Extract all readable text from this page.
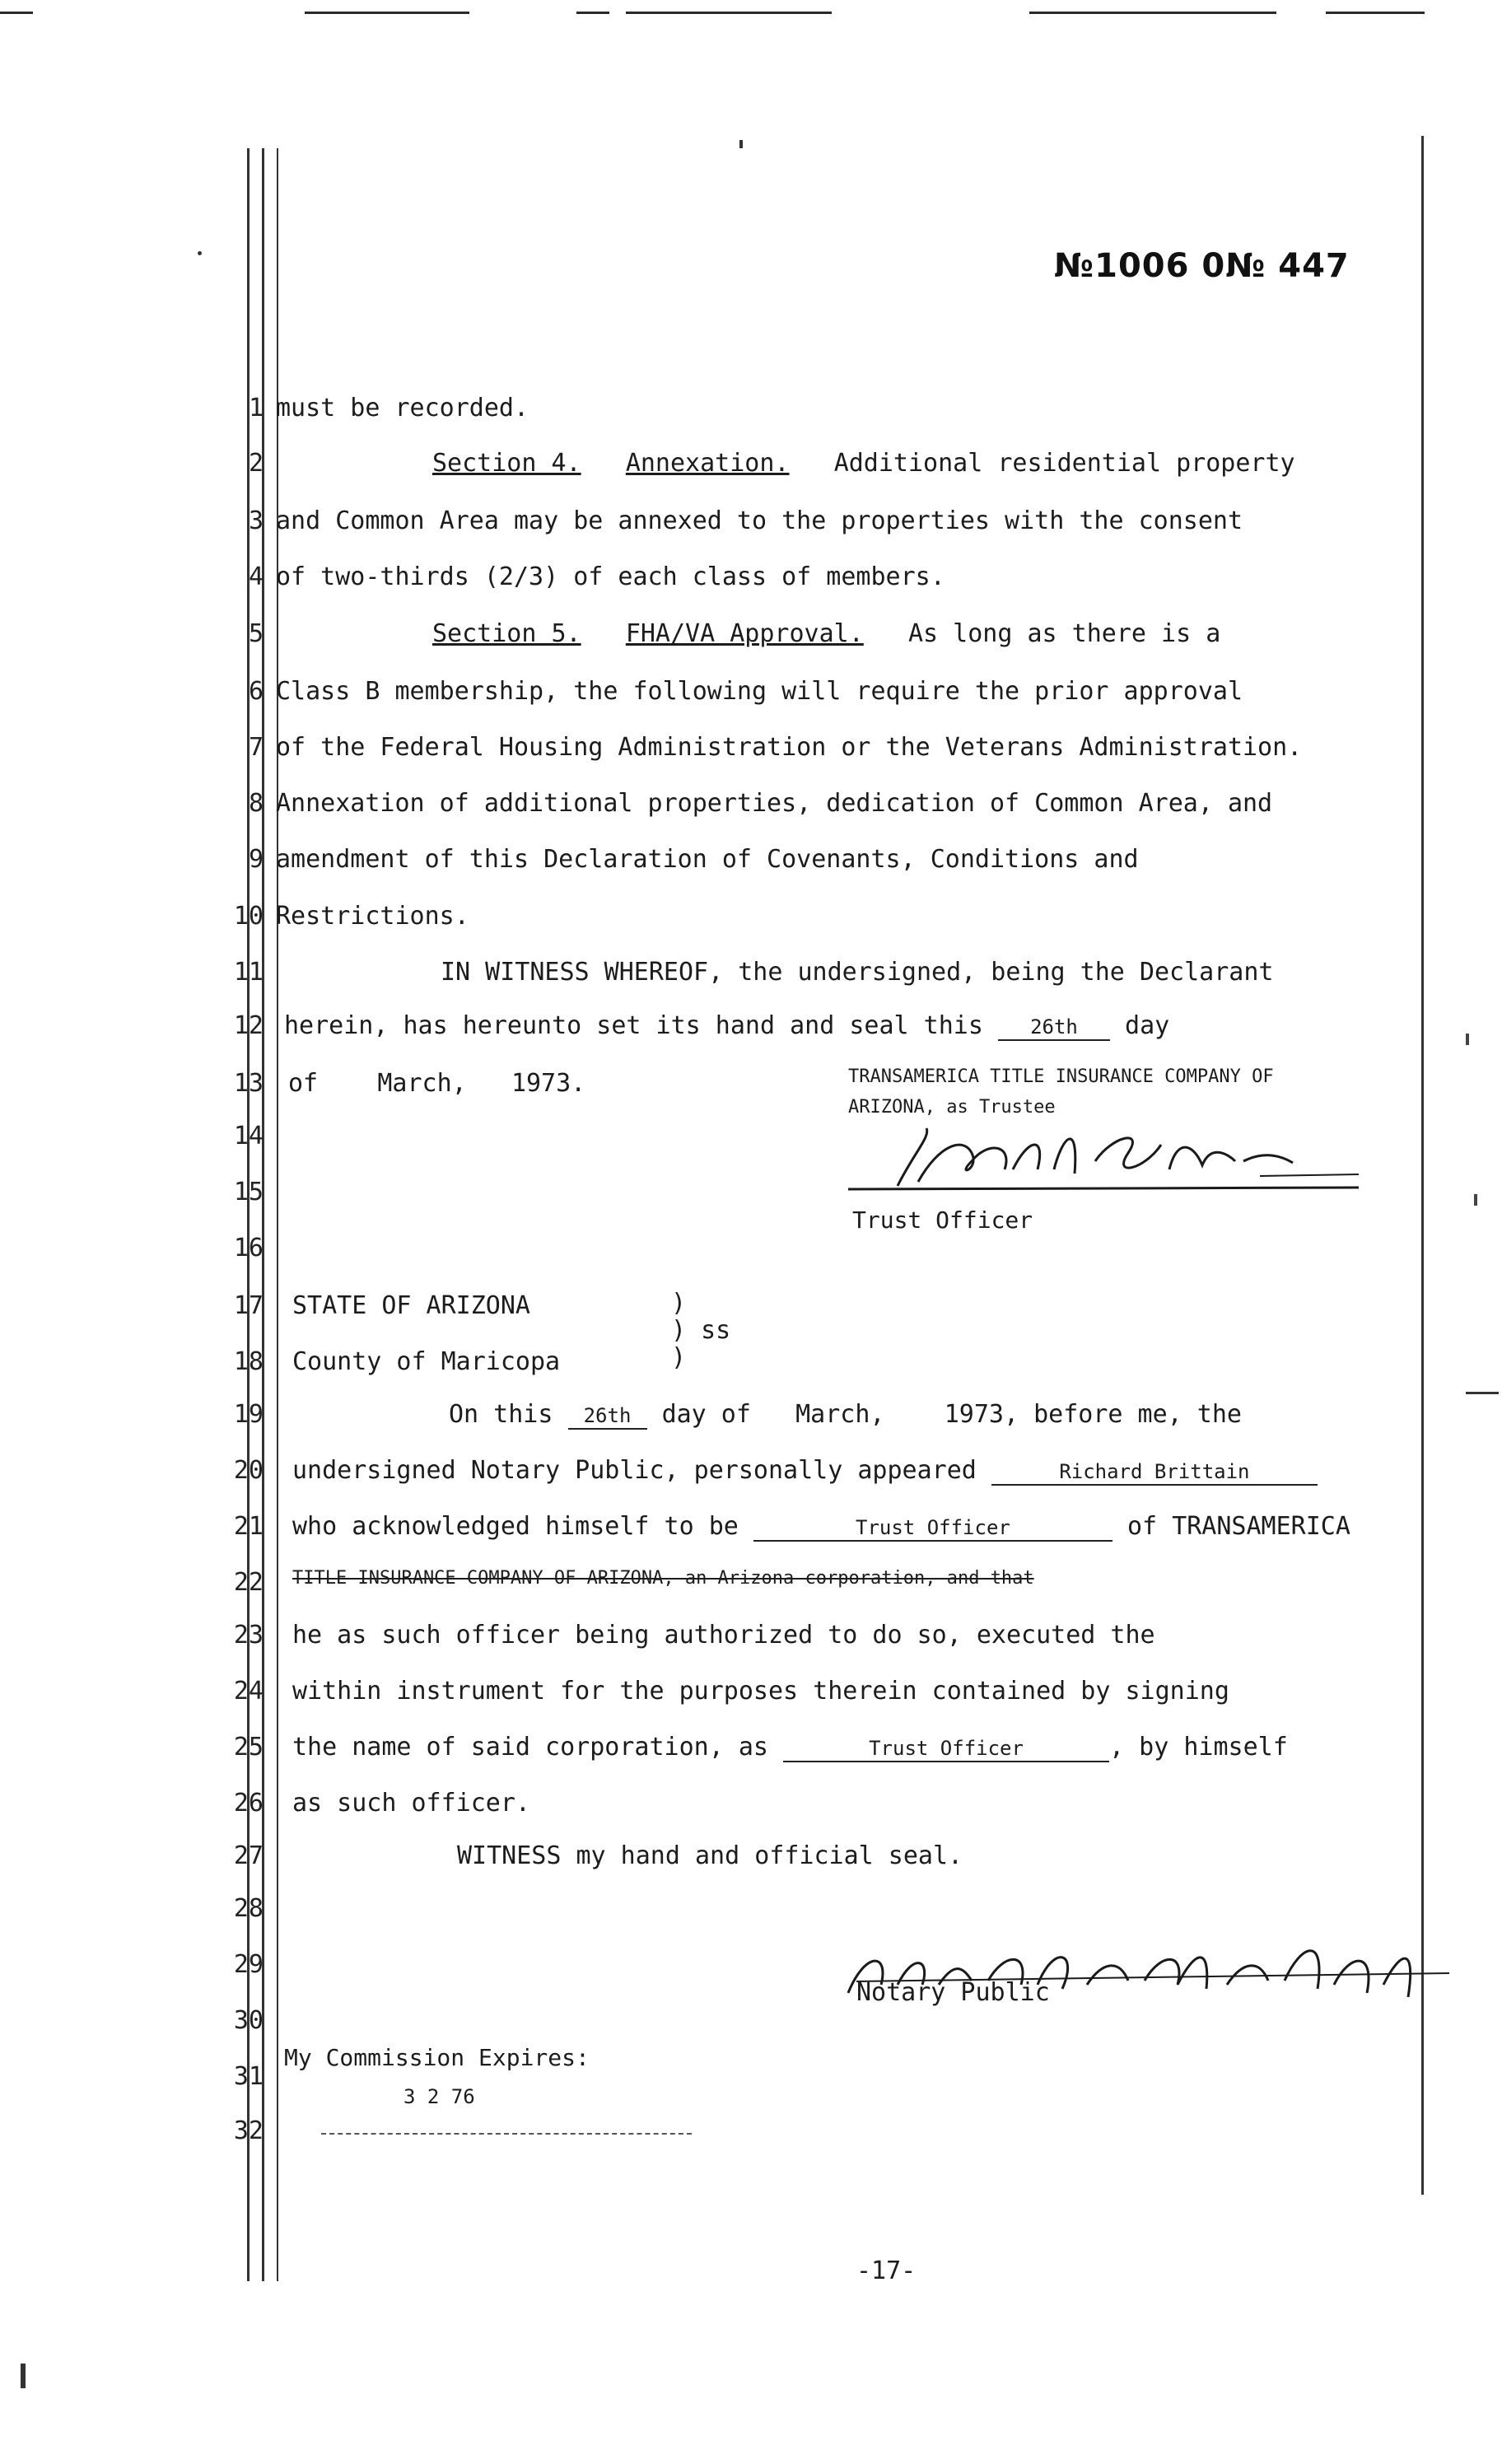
№1006 0№ 447
1
2
3
4
5
6
7
8
9
10
11
12
13
14
15
16
17
18
19
20
21
22
23
24
25
26
27
28
29
30
31
32
must be recorded.
Section 4. Annexation. Additional residential property
and Common Area may be annexed to the properties with the consent
of two-thirds (2/3) of each class of members.
Section 5. FHA/VA Approval. As long as there is a
Class B membership, the following will require the prior approval
of the Federal Housing Administration or the Veterans Administration.
Annexation of additional properties, dedication of Common Area, and
amendment of this Declaration of Covenants, Conditions and
Restrictions.
IN WITNESS WHEREOF, the undersigned, being the Declarant
herein, has hereunto set its hand and seal this 26th day
of March, 1973.	TRANSAMERICA TITLE INSURANCE COMPANY OF
ARIZONA, as Trustee
Trust Officer
STATE OF ARIZONA
County of Maricopa
)
) ss
)
On this 26th day of March, 1973, before me, the
undersigned Notary Public, personally appeared	Richard Brittain
who acknowledged himself to be	Trust Officer	of TRANSAMERICA
TITLE INSURANCE COMPANY OF ARIZONA, an Arizona corporation, and that
he as such officer being authorized to do so, executed the
within instrument for the purposes therein contained by signing
the name of said corporation, as	Trust Officer	, by himself
as such officer.
WITNESS my hand and official seal.
Notary Public
My Commission Expires:
3 2 76
-17-
